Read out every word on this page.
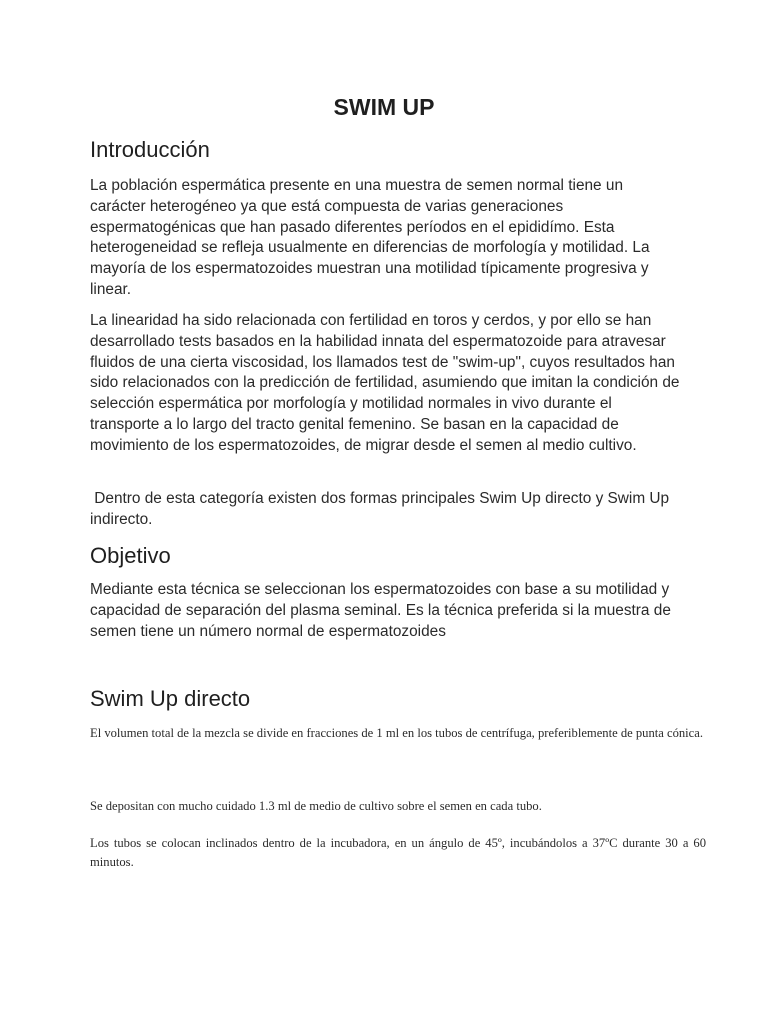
SWIM UP
Introducción

La población espermática presente en una muestra de semen normal tiene un carácter heterogéneo ya que está compuesta de varias generaciones espermatogénicas que han pasado diferentes períodos en el epididímo. Esta heterogeneidad se refleja usualmente en diferencias de morfología y motilidad. La mayoría de los espermatozoides muestran una motilidad típicamente progresiva y linear.

La linearidad ha sido relacionada con fertilidad en toros y cerdos, y por ello se han desarrollado tests basados en la habilidad innata del espermatozoide para atravesar fluidos de una cierta viscosidad, los llamados test de "swim-up", cuyos resultados han sido relacionados con la predicción de fertilidad, asumiendo que imitan la condición de selección espermática por morfología y motilidad normales in vivo durante el transporte a lo largo del tracto genital femenino. Se basan en la capacidad de movimiento de los espermatozoides, de migrar desde el semen al medio cultivo.

Dentro de esta categoría existen dos formas principales Swim Up directo y Swim Up indirecto.

Objetivo

Mediante esta técnica se seleccionan los espermatozoides con base a su motilidad y capacidad de separación del plasma seminal. Es la técnica preferida si la muestra de semen tiene un número normal de espermatozoides

Swim Up directo

El volumen total de la mezcla se divide en fracciones de 1 ml en los tubos de centrífuga, preferiblemente de punta cónica.

Se depositan con mucho cuidado 1.3 ml de medio de cultivo sobre el semen en cada tubo.

Los tubos se colocan inclinados dentro de la incubadora, en un ángulo de 45º, incubándolos a 37ºC durante 30 a 60 minutos.
